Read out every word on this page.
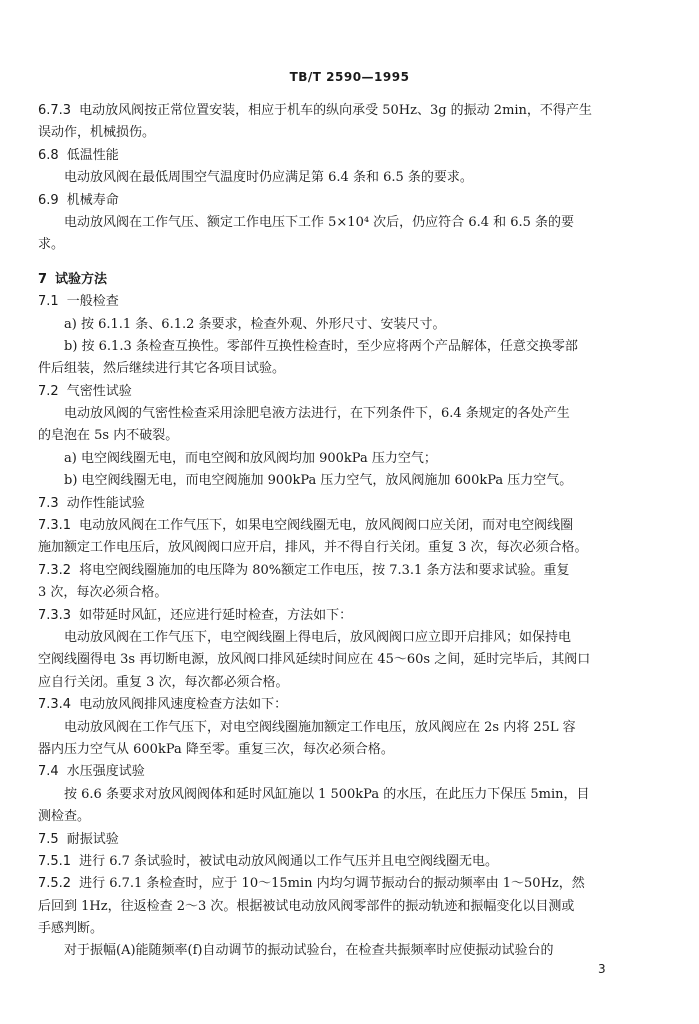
TB/T 2590—1995
6.7.3 电动放风阀按正常位置安装，相应于机车的纵向承受 50Hz、3g 的振动 2min，不得产生
误动作，机械损伤。
6.8 低温性能
电动放风阀在最低周围空气温度时仍应满足第 6.4 条和 6.5 条的要求。
6.9 机械寿命
电动放风阀在工作气压、额定工作电压下工作 5×10⁴ 次后，仍应符合 6.4 和 6.5 条的要
求。
7 试验方法
7.1 一般检查
a) 按 6.1.1 条、6.1.2 条要求，检查外观、外形尺寸、安装尺寸。
b) 按 6.1.3 条检查互换性。零部件互换性检查时，至少应将两个产品解体，任意交换零部
件后组装，然后继续进行其它各项目试验。
7.2 气密性试验
电动放风阀的气密性检查采用涂肥皂液方法进行，在下列条件下，6.4 条规定的各处产生
的皂泡在 5s 内不破裂。
a) 电空阀线圈无电，而电空阀和放风阀均加 900kPa 压力空气；
b) 电空阀线圈无电，而电空阀施加 900kPa 压力空气，放风阀施加 600kPa 压力空气。
7.3 动作性能试验
7.3.1 电动放风阀在工作气压下，如果电空阀线圈无电，放风阀阀口应关闭，而对电空阀线圈
施加额定工作电压后，放风阀阀口应开启，排风，并不得自行关闭。重复 3 次，每次必须合格。
7.3.2 将电空阀线圈施加的电压降为 80%额定工作电压，按 7.3.1 条方法和要求试验。重复
3 次，每次必须合格。
7.3.3 如带延时风缸，还应进行延时检查，方法如下：
电动放风阀在工作气压下，电空阀线圈上得电后，放风阀阀口应立即开启排风；如保持电
空阀线圈得电 3s 再切断电源，放风阀口排风延续时间应在 45～60s 之间，延时完毕后，其阀口
应自行关闭。重复 3 次，每次都必须合格。
7.3.4 电动放风阀排风速度检查方法如下：
电动放风阀在工作气压下，对电空阀线圈施加额定工作电压，放风阀应在 2s 内将 25L 容
器内压力空气从 600kPa 降至零。重复三次，每次必须合格。
7.4 水压强度试验
按 6.6 条要求对放风阀阀体和延时风缸施以 1 500kPa 的水压，在此压力下保压 5min，目
测检查。
7.5 耐振试验
7.5.1 进行 6.7 条试验时，被试电动放风阀通以工作气压并且电空阀线圈无电。
7.5.2 进行 6.7.1 条检查时，应于 10～15min 内均匀调节振动台的振动频率由 1～50Hz，然
后回到 1Hz，往返检查 2～3 次。根据被试电动放风阀零部件的振动轨迹和振幅变化以目测或
手感判断。
对于振幅(A)能随频率(f)自动调节的振动试验台，在检查共振频率时应使振动试验台的
3
